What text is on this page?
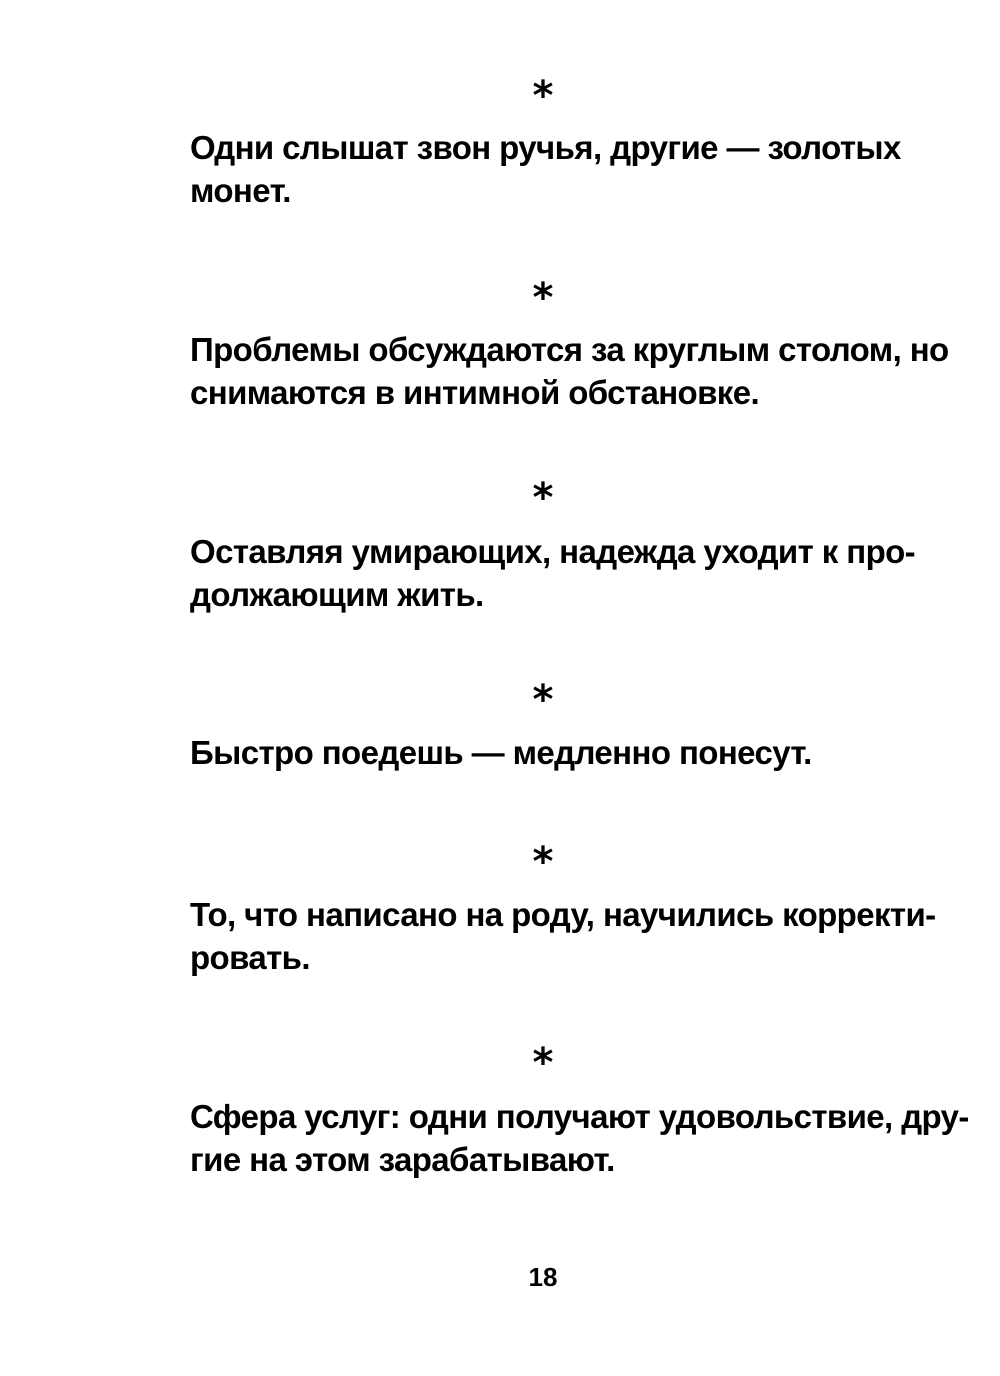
*

Одни слышат звон ручья, другие — золотых
монет.

*

Проблемы обсуждаются за круглым столом, но
снимаются в интимной обстановке.

*

Оставляя умирающих, надежда уходит к про-
должающим жить.

*

Быстро поедешь — медленно понесут.

*

То, что написано на роду, научились корректи-
ровать.

*

Сфера услуг: одни получают удовольствие, дру-
гие на этом зарабатывают.

18
